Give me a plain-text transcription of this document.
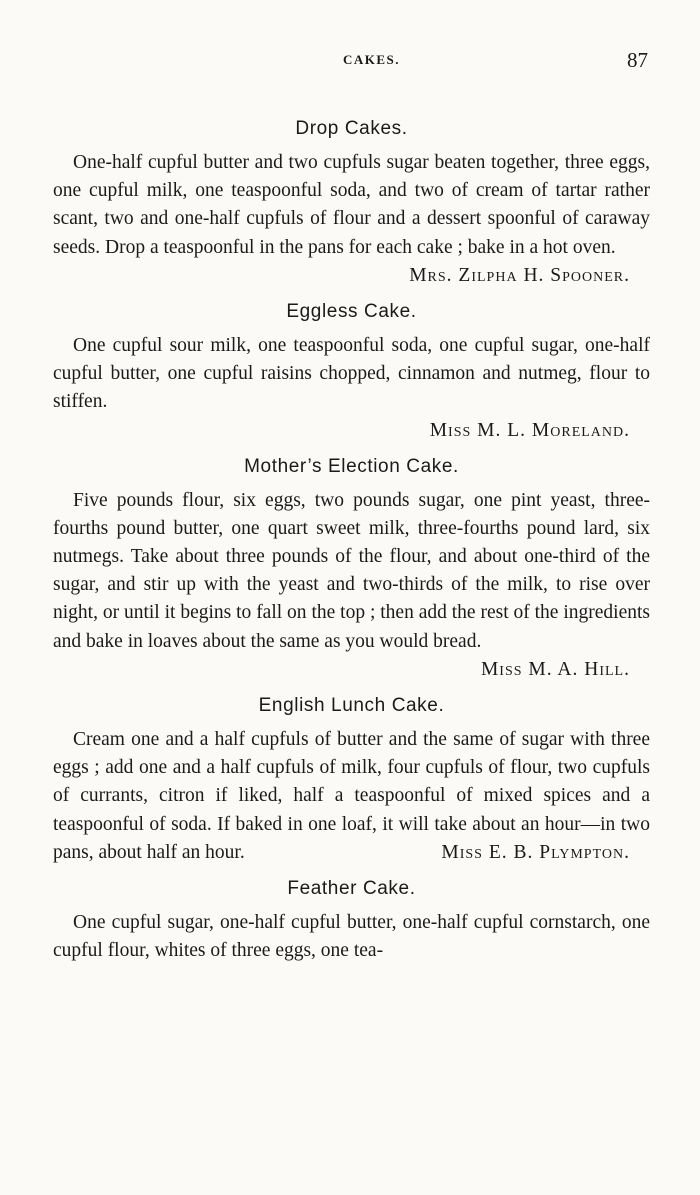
CAKES.	87
Drop Cakes.

One-half cupful butter and two cupfuls sugar beaten together, three eggs, one cupful milk, one teaspoonful soda, and two of cream of tartar rather scant, two and one-half cupfuls of flour and a dessert spoonful of caraway seeds. Drop a teaspoonful in the pans for each cake ; bake in a hot oven.
Mrs. Zilpha H. Spooner.

Eggless Cake.

One cupful sour milk, one teaspoonful soda, one cupful sugar, one-half cupful butter, one cupful raisins chopped, cinnamon and nutmeg, flour to stiffen.

Miss M. L. Moreland.

Mother’s Election Cake.

Five pounds flour, six eggs, two pounds sugar, one pint yeast, three-fourths pound butter, one quart sweet milk, three-fourths pound lard, six nutmegs. Take about three pounds of the flour, and about one-third of the sugar, and stir up with the yeast and two-thirds of the milk, to rise over night, or until it begins to fall on the top ; then add the rest of the ingredients and bake in loaves about the same as you would bread.
Miss M. A. Hill.

English Lunch Cake.

Cream one and a half cupfuls of butter and the same of sugar with three eggs ; add one and a half cupfuls of milk, four cupfuls of flour, two cupfuls of currants, citron if liked, half a teaspoonful of mixed spices and a teaspoonful of soda. If baked in one loaf, it will take about an hour—in two pans, about half an hour.	Miss E. B. Plympton.

Feather Cake.

One cupful sugar, one-half cupful butter, one-half cupful cornstarch, one cupful flour, whites of three eggs, one tea-
